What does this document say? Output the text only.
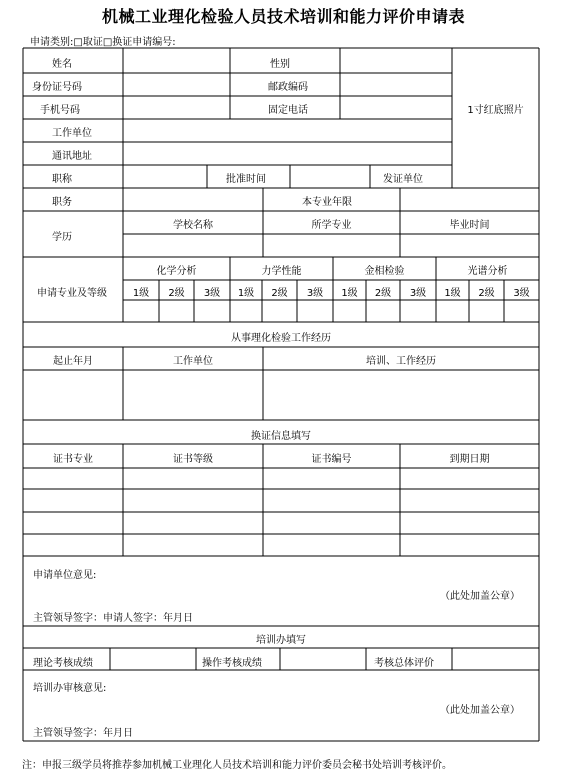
机械工业理化检验人员技术培训和能力评价申请表
申请类别:□取证□换证申请编号:
姓名	性别
身份证号码	邮政编码
手机号码	固定电话	1寸红底照片
工作单位
通讯地址
职称	批准时间	发证单位
职务	本专业年限
学历
学校名称	所学专业	毕业时间
申请专业及等级
化学分析	力学性能	金相检验	光谱分析
1级	2级	3级	1级	2级	3级	1级	2级	3级	1级	2级	3级
从事理化检验工作经历
起止年月	工作单位	培训、工作经历
换证信息填写
证书专业	证书等级	证书编号	到期日期
申请单位意见:
（此处加盖公章）
主管领导签字：申请人签字：年月日
培训办填写
理论考核成绩	操作考核成绩	考核总体评价
培训办审核意见:
（此处加盖公章）
主管领导签字：年月日
注：申报三级学员将推荐参加机械工业理化人员技术培训和能力评价委员会秘书处培训考核评价。
